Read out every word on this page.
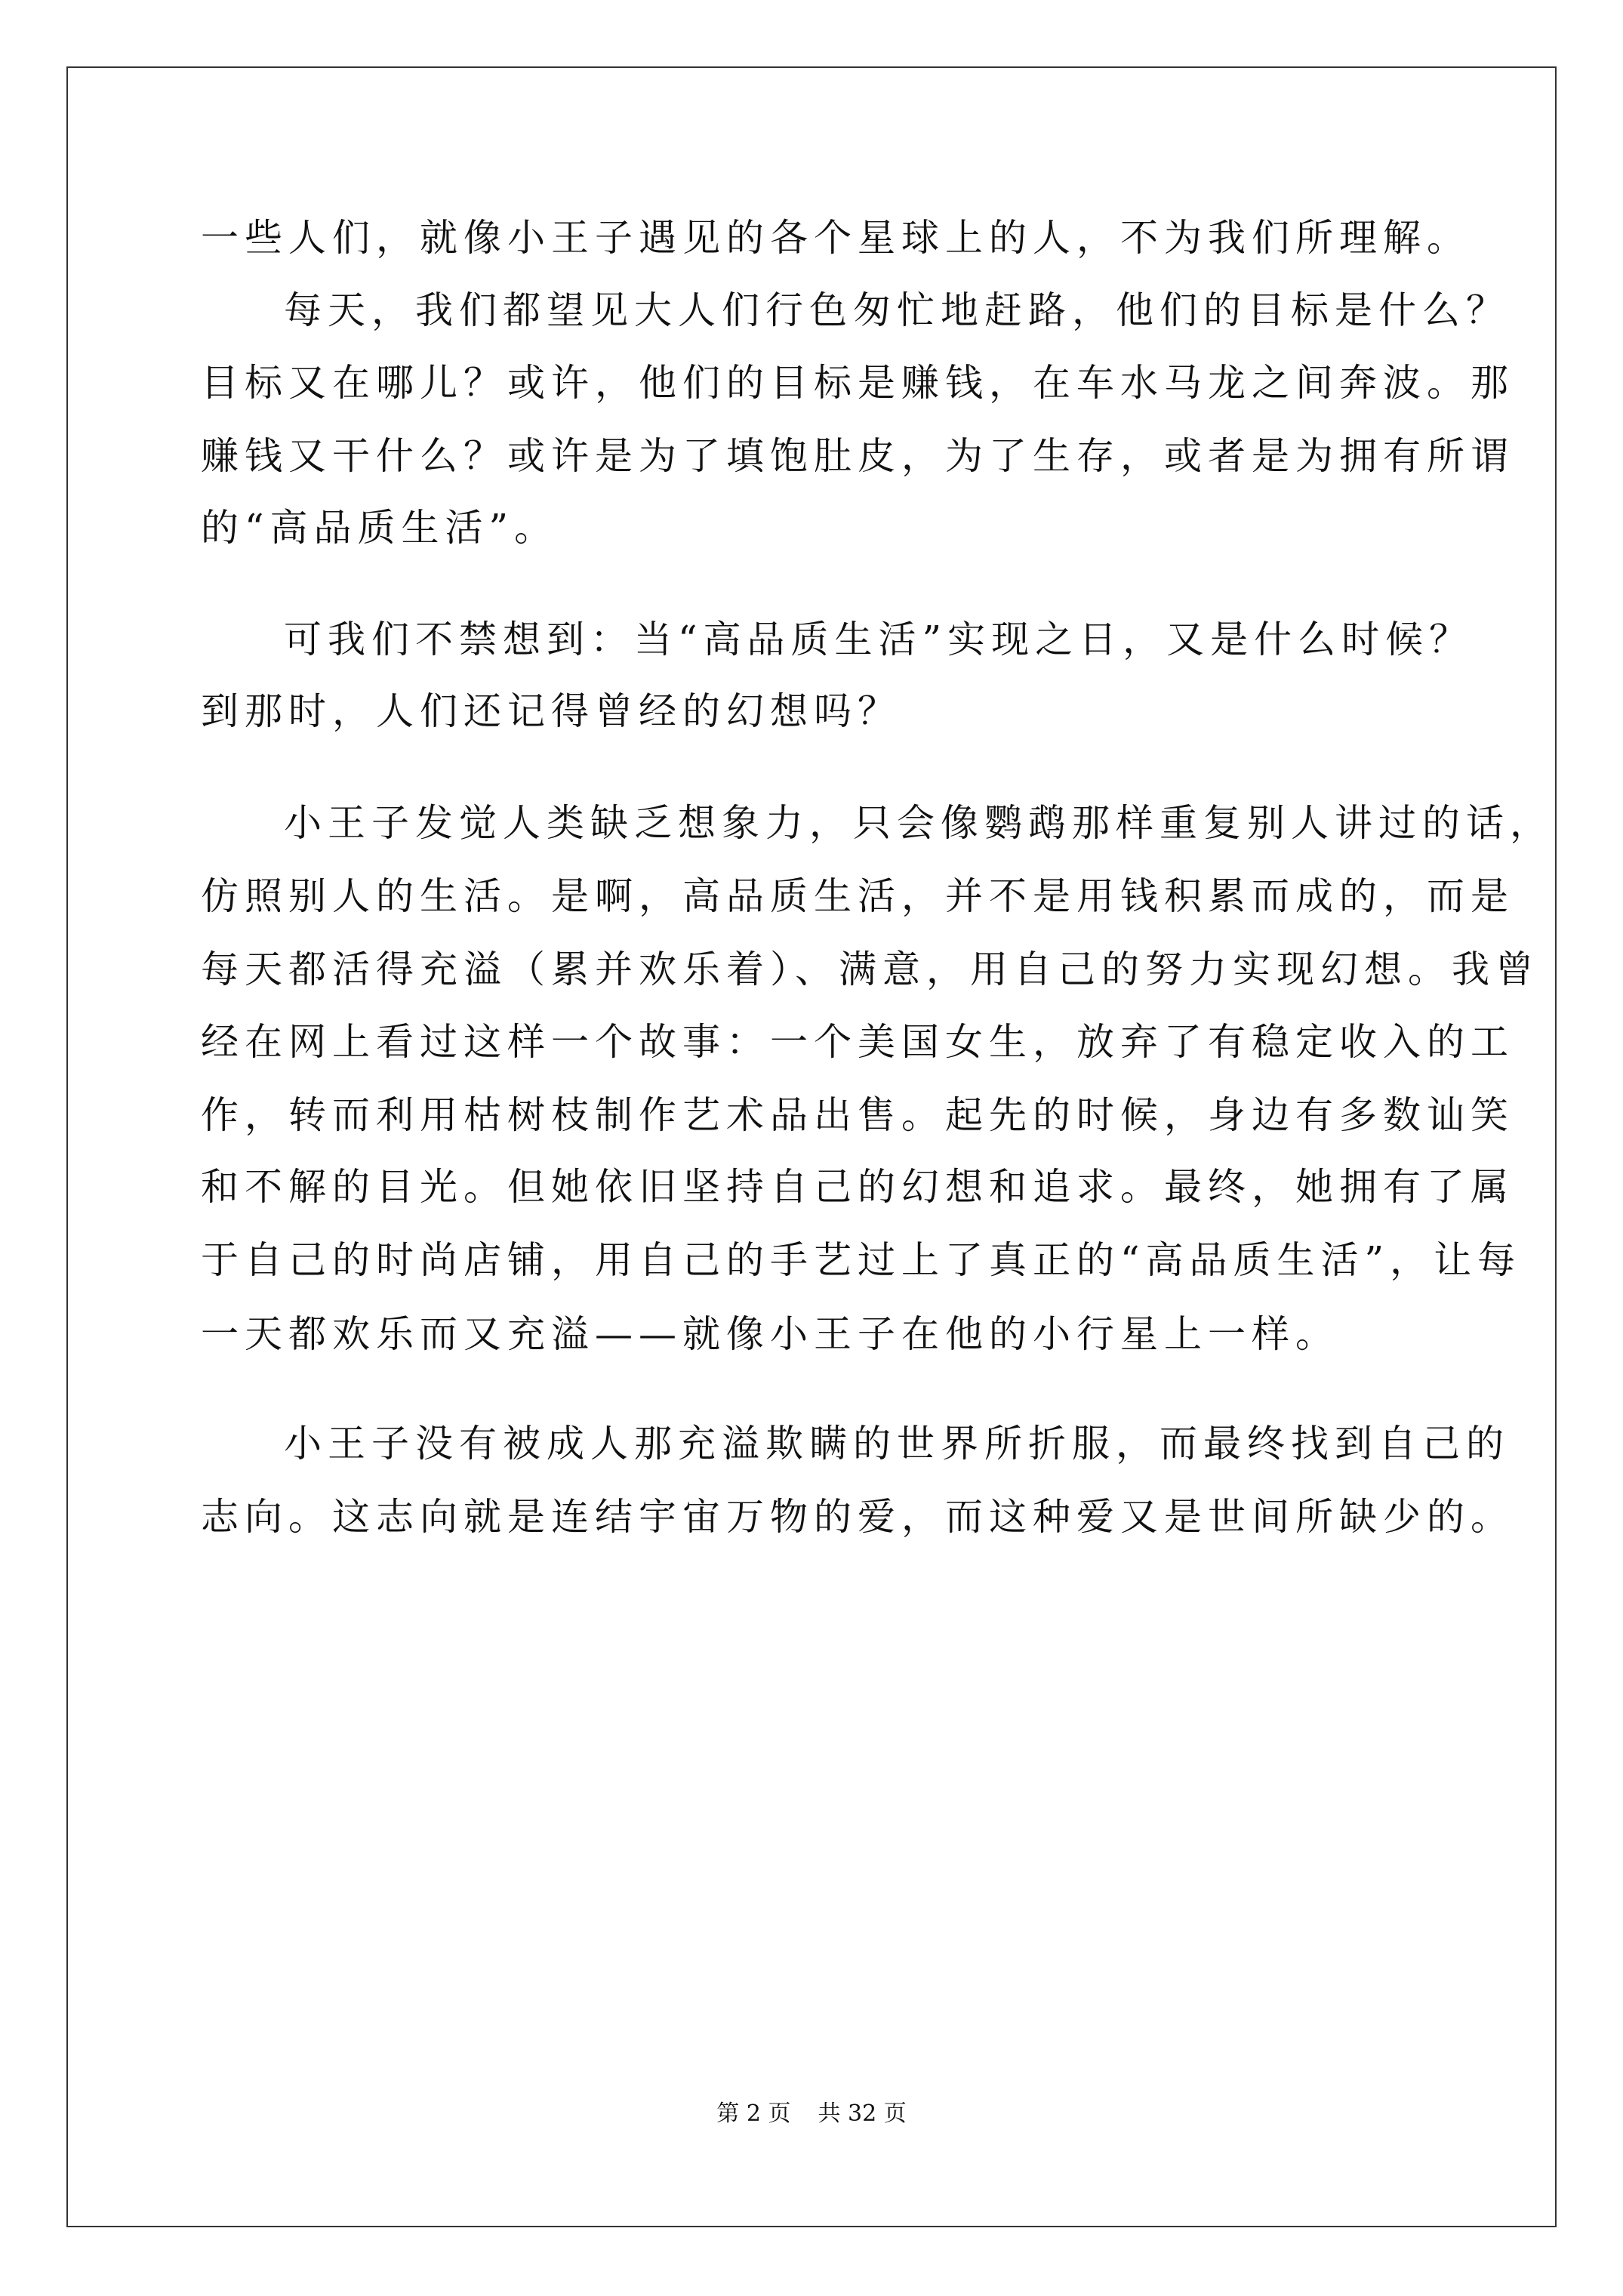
一些人们，就像小王子遇见的各个星球上的人，不为我们所理解。
每天，我们都望见大人们行色匆忙地赶路，他们的目标是什么？
目标又在哪儿？或许，他们的目标是赚钱，在车水马龙之间奔波。那
赚钱又干什么？或许是为了填饱肚皮，为了生存，或者是为拥有所谓
的“高品质生活”。
可我们不禁想到：当“高品质生活”实现之日，又是什么时候？
到那时，人们还记得曾经的幻想吗？
小王子发觉人类缺乏想象力，只会像鹦鹉那样重复别人讲过的话，
仿照别人的生活。是啊，高品质生活，并不是用钱积累而成的，而是
每天都活得充溢（累并欢乐着）、满意，用自己的努力实现幻想。我曾
经在网上看过这样一个故事：一个美国女生，放弃了有稳定收入的工
作，转而利用枯树枝制作艺术品出售。起先的时候，身边有多数讪笑
和不解的目光。但她依旧坚持自己的幻想和追求。最终，她拥有了属
于自己的时尚店铺，用自己的手艺过上了真正的“高品质生活”，让每
一天都欢乐而又充溢——就像小王子在他的小行星上一样。
小王子没有被成人那充溢欺瞒的世界所折服，而最终找到自己的
志向。这志向就是连结宇宙万物的爱，而这种爱又是世间所缺少的。
第 2 页 共 32 页
